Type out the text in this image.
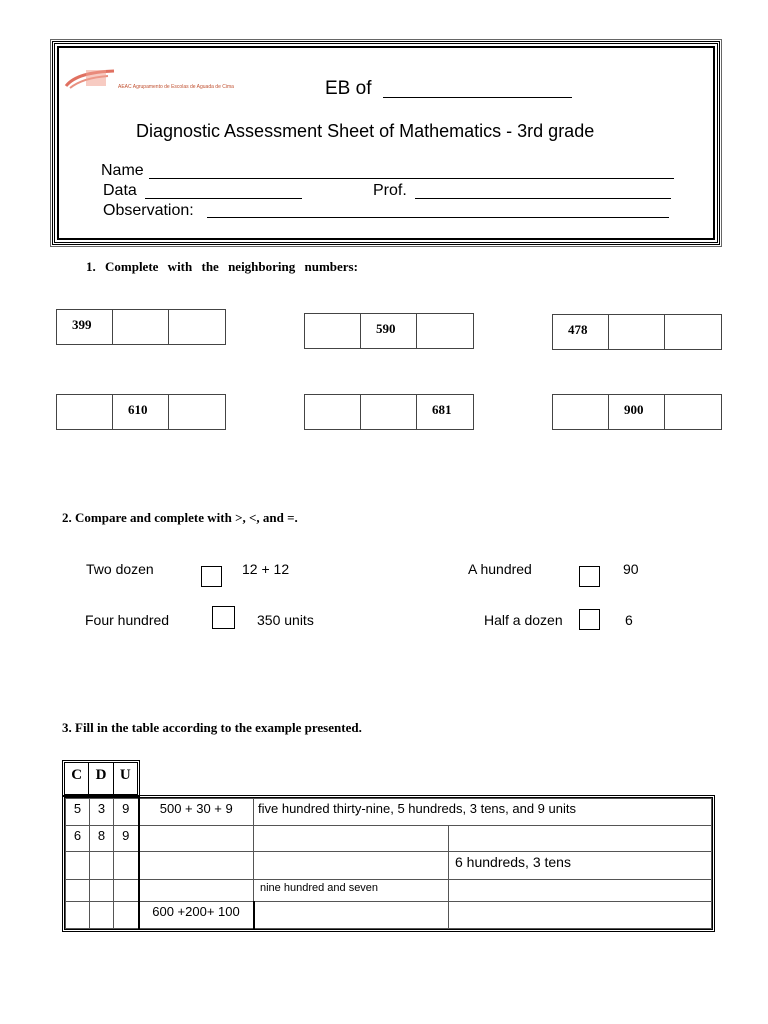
AEAC Agrupamento de Escolas de Aguada de Cima	EB of
Diagnostic Assessment Sheet of Mathematics - 3rd grade
Name
Data	Prof.
Observation:
1. Complete with the neighboring numbers:
399	590	478
610	681	900
2. Compare and complete with >, <, and =.
Two dozen	12 + 12	A hundred	90
Four hundred	350 units	Half a dozen	6
3. Fill in the table according to the example presented.
C D U
5	3	9	500 + 30 + 9	five hundred thirty-nine, 5 hundreds, 3 tens, and 9 units	
6	8	9			
					6 hundreds, 3 tens
				nine hundred and seven	
			600 +200+ 100		
